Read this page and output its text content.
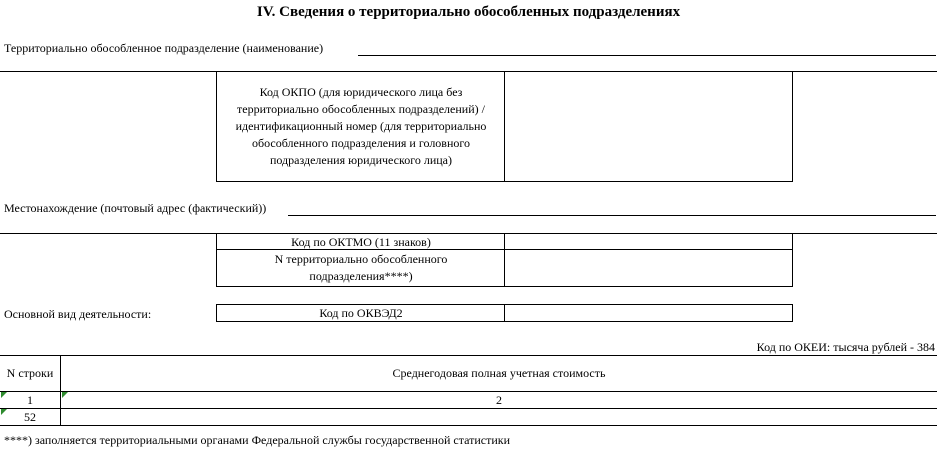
IV. Сведения о территориально обособленных подразделениях
Территориально обособленное подразделение (наименование)
Код ОКПО (для юридического лица без территориально обособленных подразделений) / идентификационный номер (для территориально обособленного подразделения и головного подразделения юридического лица)
Местонахождение (почтовый адрес (фактический))
Код по ОКТМО (11 знаков)
N территориально обособленного подразделения****)
Основной вид деятельности:	Код по ОКВЭД2
Код по ОКЕИ: тысяча рублей - 384
N строки	Среднегодовая полная учетная стоимость
1	2
52
****) заполняется территориальными органами Федеральной службы государственной статистики
